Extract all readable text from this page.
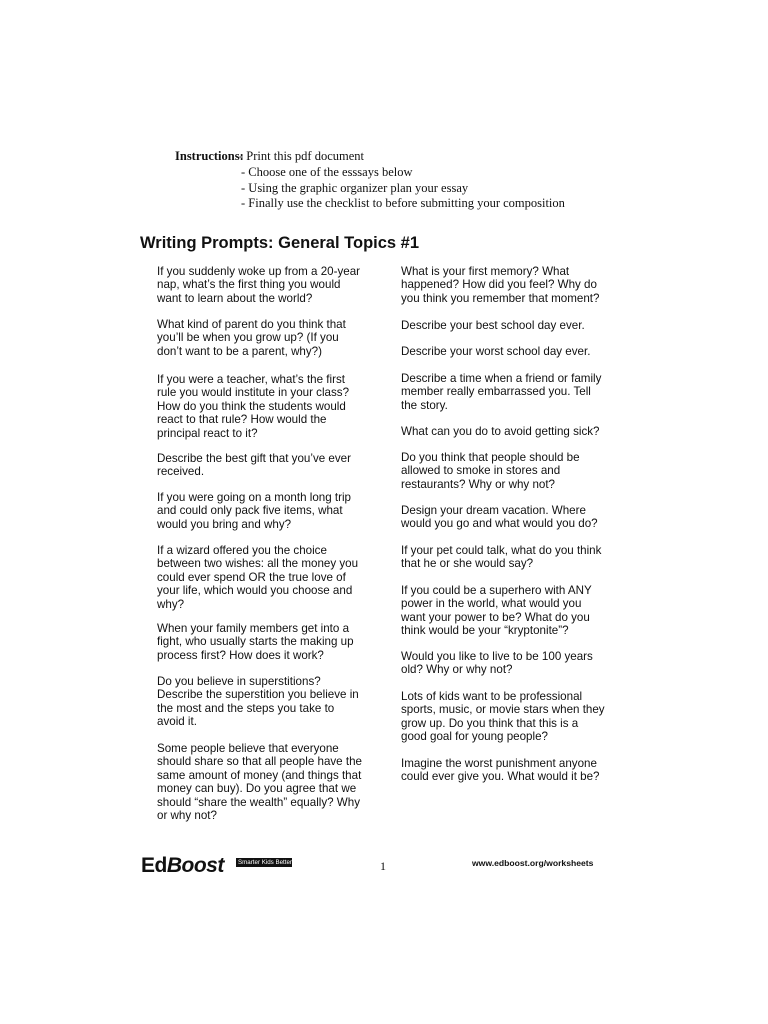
Instructions:
- Print this pdf document
- Choose one of the esssays below
- Using the graphic organizer plan your essay
- Finally use the checklist to before submitting your composition
Writing Prompts: General Topics #1
If you suddenly woke up from a 20-year
nap, what’s the first thing you would
want to learn about the world?
What kind of parent do you think that
you’ll be when you grow up? (If you
don’t want to be a parent, why?)
If you were a teacher, what’s the first
rule you would institute in your class?
How do you think the students would
react to that rule? How would the
principal react to it?
Describe the best gift that you’ve ever
received.
If you were going on a month long trip
and could only pack five items, what
would you bring and why?
If a wizard offered you the choice
between two wishes: all the money you
could ever spend OR the true love of
your life, which would you choose and
why?
When your family members get into a
fight, who usually starts the making up
process first? How does it work?
Do you believe in superstitions?
Describe the superstition you believe in
the most and the steps you take to
avoid it.
Some people believe that everyone
should share so that all people have the
same amount of money (and things that
money can buy). Do you agree that we
should “share the wealth” equally? Why
or why not?
What is your first memory? What
happened? How did you feel? Why do
you think you remember that moment?
Describe your best school day ever.
Describe your worst school day ever.
Describe a time when a friend or family
member really embarrassed you. Tell
the story.
What can you do to avoid getting sick?
Do you think that people should be
allowed to smoke in stores and
restaurants? Why or why not?
Design your dream vacation. Where
would you go and what would you do?
If your pet could talk, what do you think
that he or she would say?
If you could be a superhero with ANY
power in the world, what would you
want your power to be? What do you
think would be your “kryptonite”?
Would you like to live to be 100 years
old? Why or why not?
Lots of kids want to be professional
sports, music, or movie stars when they
grow up. Do you think that this is a
good goal for young people?
Imagine the worst punishment anyone
could ever give you. What would it be?
EdBoost	Smarter Kids Better World	1	www.edboost.org/worksheets
